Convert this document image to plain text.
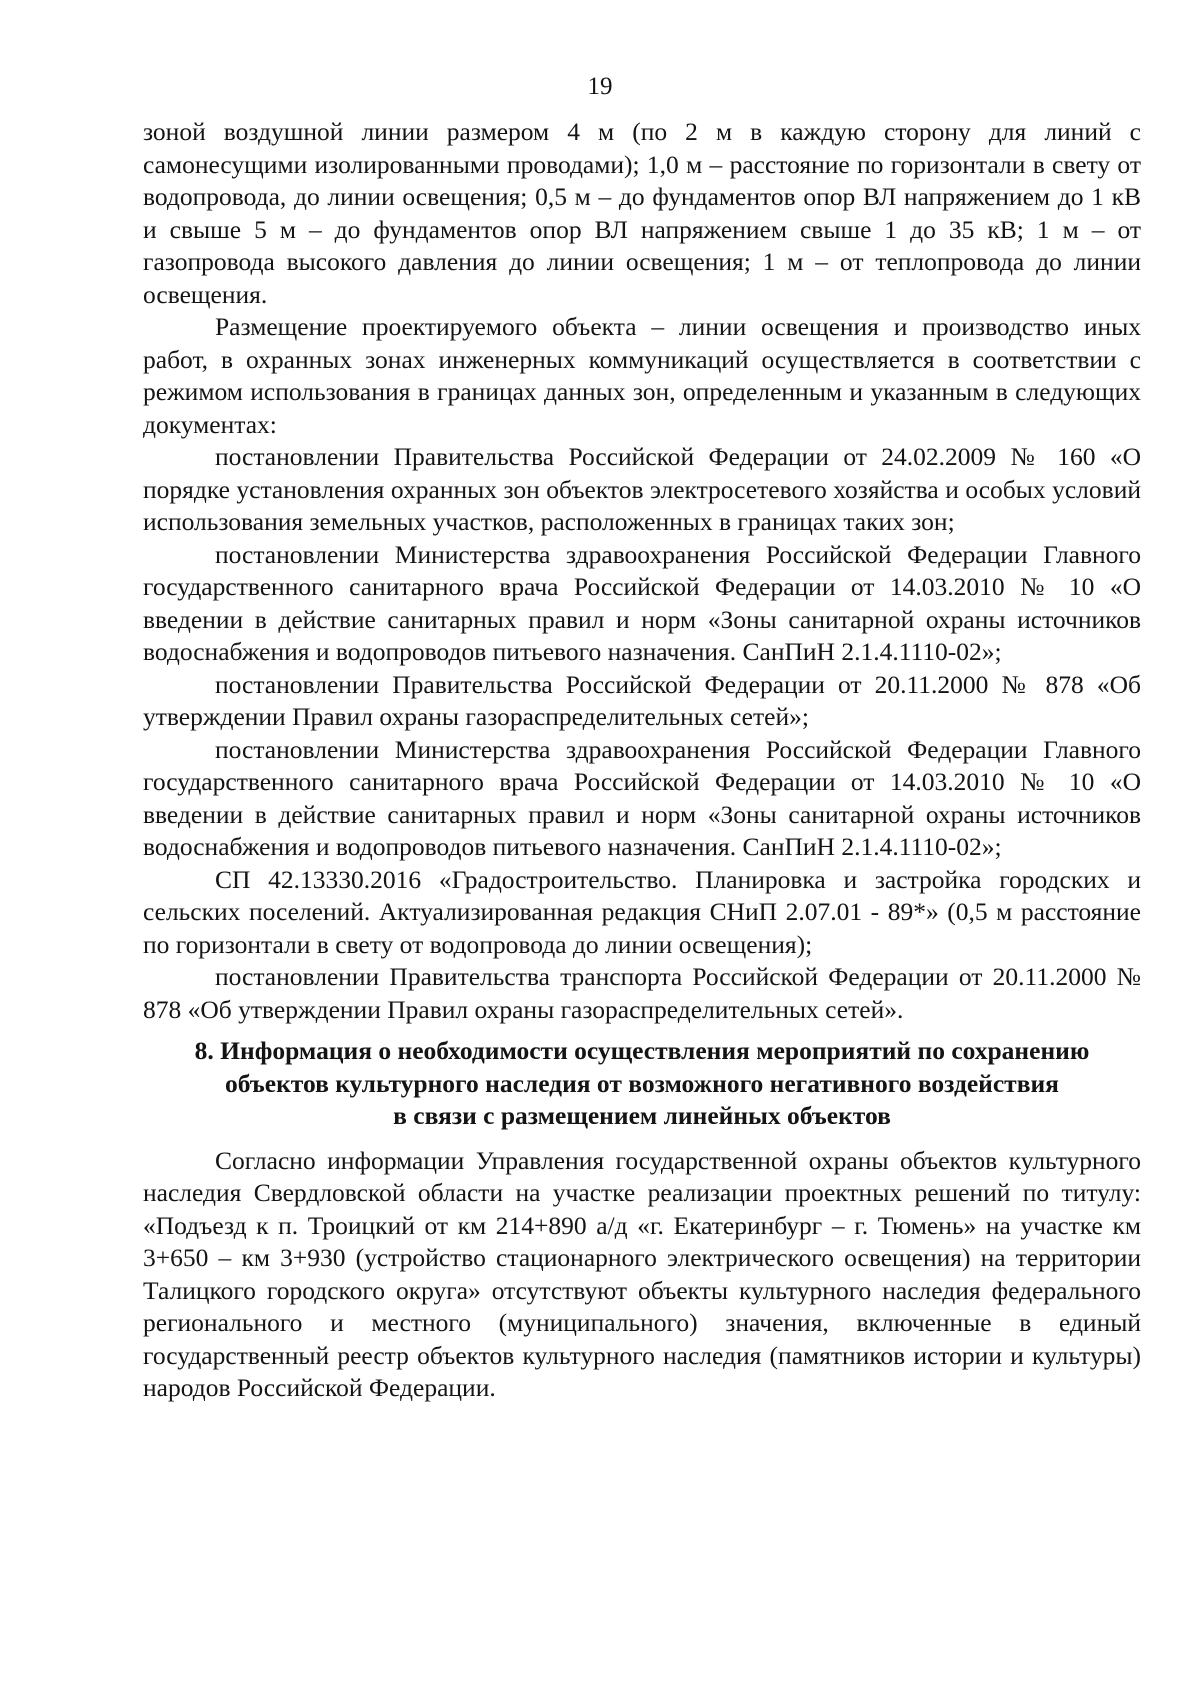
19

зоной воздушной линии размером 4 м (по 2 м в каждую сторону для линий с самонесущими изолированными проводами); 1,0 м – расстояние по горизонтали в свету от водопровода, до линии освещения; 0,5 м – до фундаментов опор ВЛ напряжением до 1 кВ и свыше 5 м – до фундаментов опор ВЛ напряжением свыше 1 до 35 кВ; 1 м – от газопровода высокого давления до линии освещения; 1 м – от теплопровода до линии освещения.

Размещение проектируемого объекта – линии освещения и производство иных работ, в охранных зонах инженерных коммуникаций осуществляется в соответствии с режимом использования в границах данных зон, определенным и указанным в следующих документах:

постановлении Правительства Российской Федерации от 24.02.2009 № 160 «О порядке установления охранных зон объектов электросетевого хозяйства и особых условий использования земельных участков, расположенных в границах таких зон;

постановлении Министерства здравоохранения Российской Федерации Главного государственного санитарного врача Российской Федерации от 14.03.2010 № 10 «О введении в действие санитарных правил и норм «Зоны санитарной охраны источников водоснабжения и водопроводов питьевого назначения. СанПиН 2.1.4.1110-02»;

постановлении Правительства Российской Федерации от 20.11.2000 № 878 «Об утверждении Правил охраны газораспределительных сетей»;

постановлении Министерства здравоохранения Российской Федерации Главного государственного санитарного врача Российской Федерации от 14.03.2010 № 10 «О введении в действие санитарных правил и норм «Зоны санитарной охраны источников водоснабжения и водопроводов питьевого назначения. СанПиН 2.1.4.1110-02»;

СП 42.13330.2016 «Градостроительство. Планировка и застройка городских и сельских поселений. Актуализированная редакция СНиП 2.07.01 - 89*» (0,5 м расстояние по горизонтали в свету от водопровода до линии освещения);

постановлении Правительства транспорта Российской Федерации от 20.11.2000 № 878 «Об утверждении Правил охраны газораспределительных сетей».

8. Информация о необходимости осуществления мероприятий по сохранению
объектов культурного наследия от возможного негативного воздействия
в связи с размещением линейных объектов

Согласно информации Управления государственной охраны объектов культурного наследия Свердловской области на участке реализации проектных решений по титулу: «Подъезд к п. Троицкий от км 214+890 а/д «г. Екатеринбург – г. Тюмень» на участке км 3+650 – км 3+930 (устройство стационарного электрического освещения) на территории Талицкого городского округа» отсутствуют объекты культурного наследия федерального регионального и местного (муниципального) значения, включенные в единый государственный реестр объектов культурного наследия (памятников истории и культуры) народов Российской Федерации.
